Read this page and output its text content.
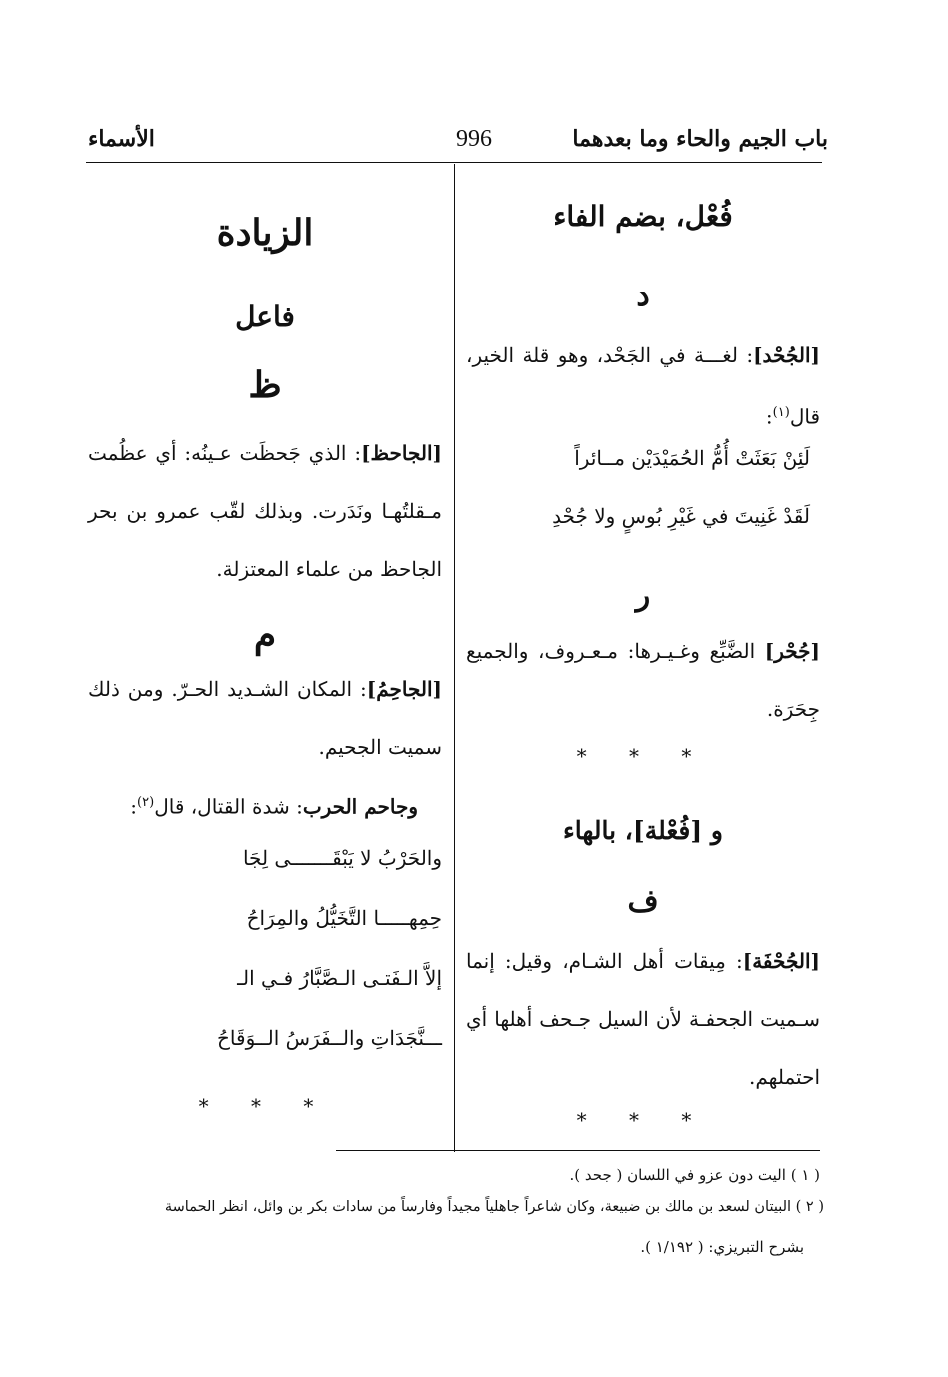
باب الجيم والحاء وما بعدهما
996
الأسماء
فُعْل، بضم الفاء
د
[الجُحْد]: لغـــة في الجَحْد، وهو قلة الخير، قال$^{(١)}$:
لَئِنْ بَعَثَتْ أُمُّ الحُمَيْدَيْن مــائراً
لَقَدْ غَنِيتَ في غَيْرِ بُوسٍ ولا جُحْدِ
ر
[جُحْر] الضَّبِّع وغـيـرها: مـعـروف، والجميع جِحَرَة.
* * *
و [فُعْلة]، بالهاء
ف
[الجُحْفَة]: مِيقات أهل الشـام، وقيل: إنما سـميت الجحفـة لأن السيل جـحف أهلها أي احتملهم.
* * *
الزيادة
فاعل
ظ
[الجاحظ]: الذي جَحظَت عـينُه: أي عظُمت مـقلتُهـا ونَدَرت. وبذلك لقّب عمرو بن بحر الجاحظ من علماء المعتزلة.
م
[الجاحِمُ]: المكان الشـديد الحـرّ. ومن ذلك سميت الجحيم.
وجاحم الحرب: شدة القتال، قال$^{(٢)}$:
والحَرْبُ لا يَبْقَـــــــى لِجَا
حِمِهـــــا التَّخَيُّلُ والمِرَاحُ
إلاَّ الـفَتـى الـصَّبَّارُ فـي الـ
ـــنَّجَدَاتِ والــفَرَسُ الــوَقَاحُ
* * *
( ١ ) اليت دون عزو في اللسان ( جحد ).
( ٢ ) البيتان لسعد بن مالك بن ضبيعة، وكان شاعراً جاهلياً مجيداً وفارساً من سادات بكر بن وائل، انظر الحماسة
بشرح التبريزي: ( ١/١٩٢ ).
